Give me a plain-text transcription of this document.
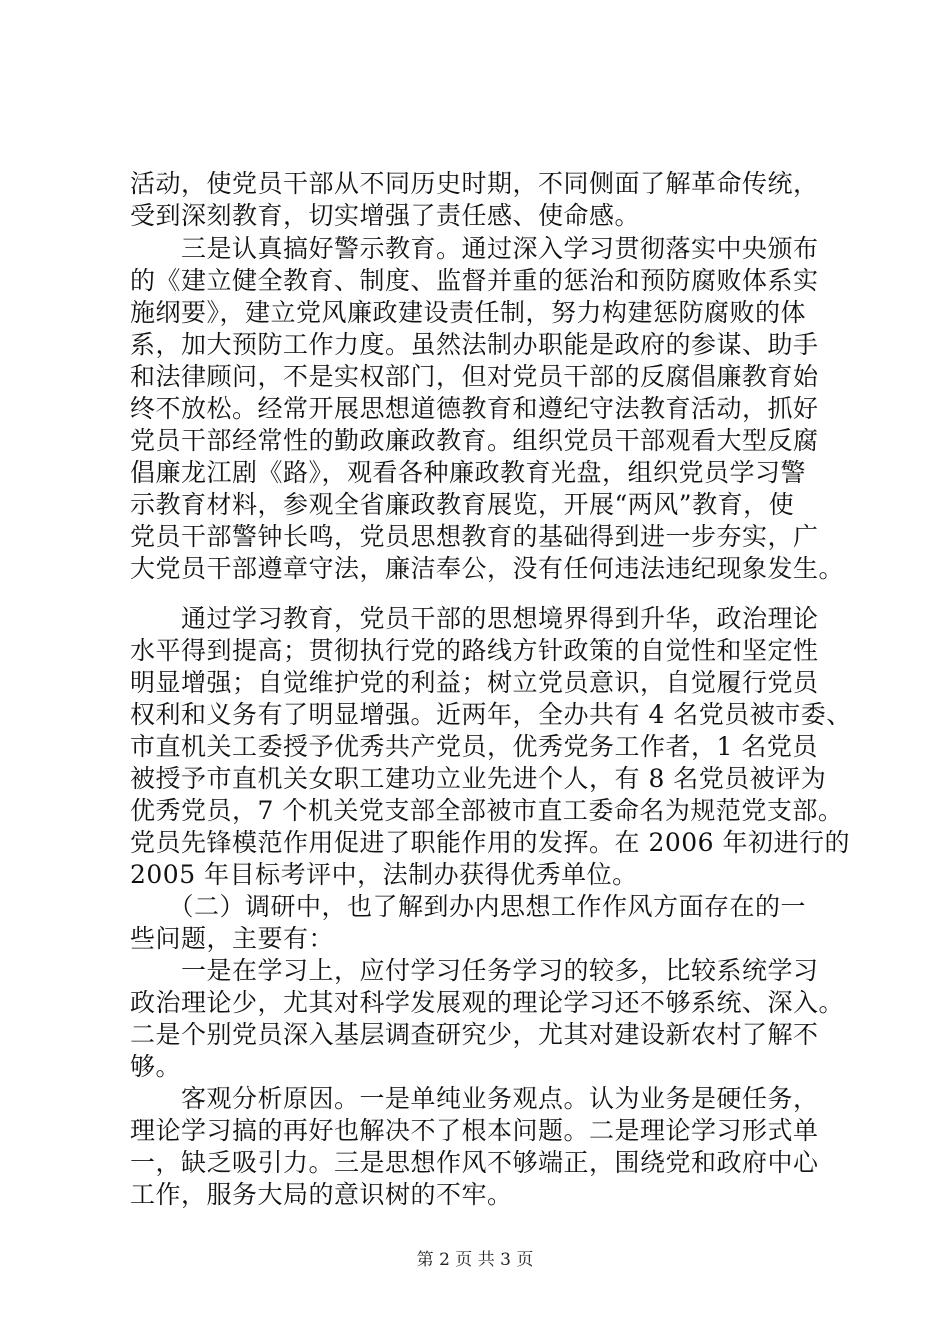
活动，使党员干部从不同历史时期，不同侧面了解革命传统，
受到深刻教育，切实增强了责任感、使命感。
　　三是认真搞好警示教育。通过深入学习贯彻落实中央颁布
的《建立健全教育、制度、监督并重的惩治和预防腐败体系实
施纲要》，建立党风廉政建设责任制，努力构建惩防腐败的体
系，加大预防工作力度。虽然法制办职能是政府的参谋、助手
和法律顾问，不是实权部门，但对党员干部的反腐倡廉教育始
终不放松。经常开展思想道德教育和遵纪守法教育活动，抓好
党员干部经常性的勤政廉政教育。组织党员干部观看大型反腐
倡廉龙江剧《路》，观看各种廉政教育光盘，组织党员学习警
示教育材料，参观全省廉政教育展览，开展“两风”教育，使
党员干部警钟长鸣，党员思想教育的基础得到进一步夯实，广
大党员干部遵章守法，廉洁奉公，没有任何违法违纪现象发生。
　　通过学习教育，党员干部的思想境界得到升华，政治理论
水平得到提高；贯彻执行党的路线方针政策的自觉性和坚定性
明显增强；自觉维护党的利益；树立党员意识，自觉履行党员
权利和义务有了明显增强。近两年，全办共有 4 名党员被市委、
市直机关工委授予优秀共产党员，优秀党务工作者，1 名党员
被授予市直机关女职工建功立业先进个人，有 8 名党员被评为
优秀党员，7 个机关党支部全部被市直工委命名为规范党支部。
党员先锋模范作用促进了职能作用的发挥。在 2006 年初进行的
2005 年目标考评中，法制办获得优秀单位。
　　（二）调研中，也了解到办内思想工作作风方面存在的一
些问题，主要有：
　　一是在学习上，应付学习任务学习的较多，比较系统学习
政治理论少，尤其对科学发展观的理论学习还不够系统、深入。
二是个别党员深入基层调查研究少，尤其对建设新农村了解不
够。
　　客观分析原因。一是单纯业务观点。认为业务是硬任务，
理论学习搞的再好也解决不了根本问题。二是理论学习形式单
一，缺乏吸引力。三是思想作风不够端正，围绕党和政府中心
工作，服务大局的意识树的不牢。
第 2 页 共 3 页
